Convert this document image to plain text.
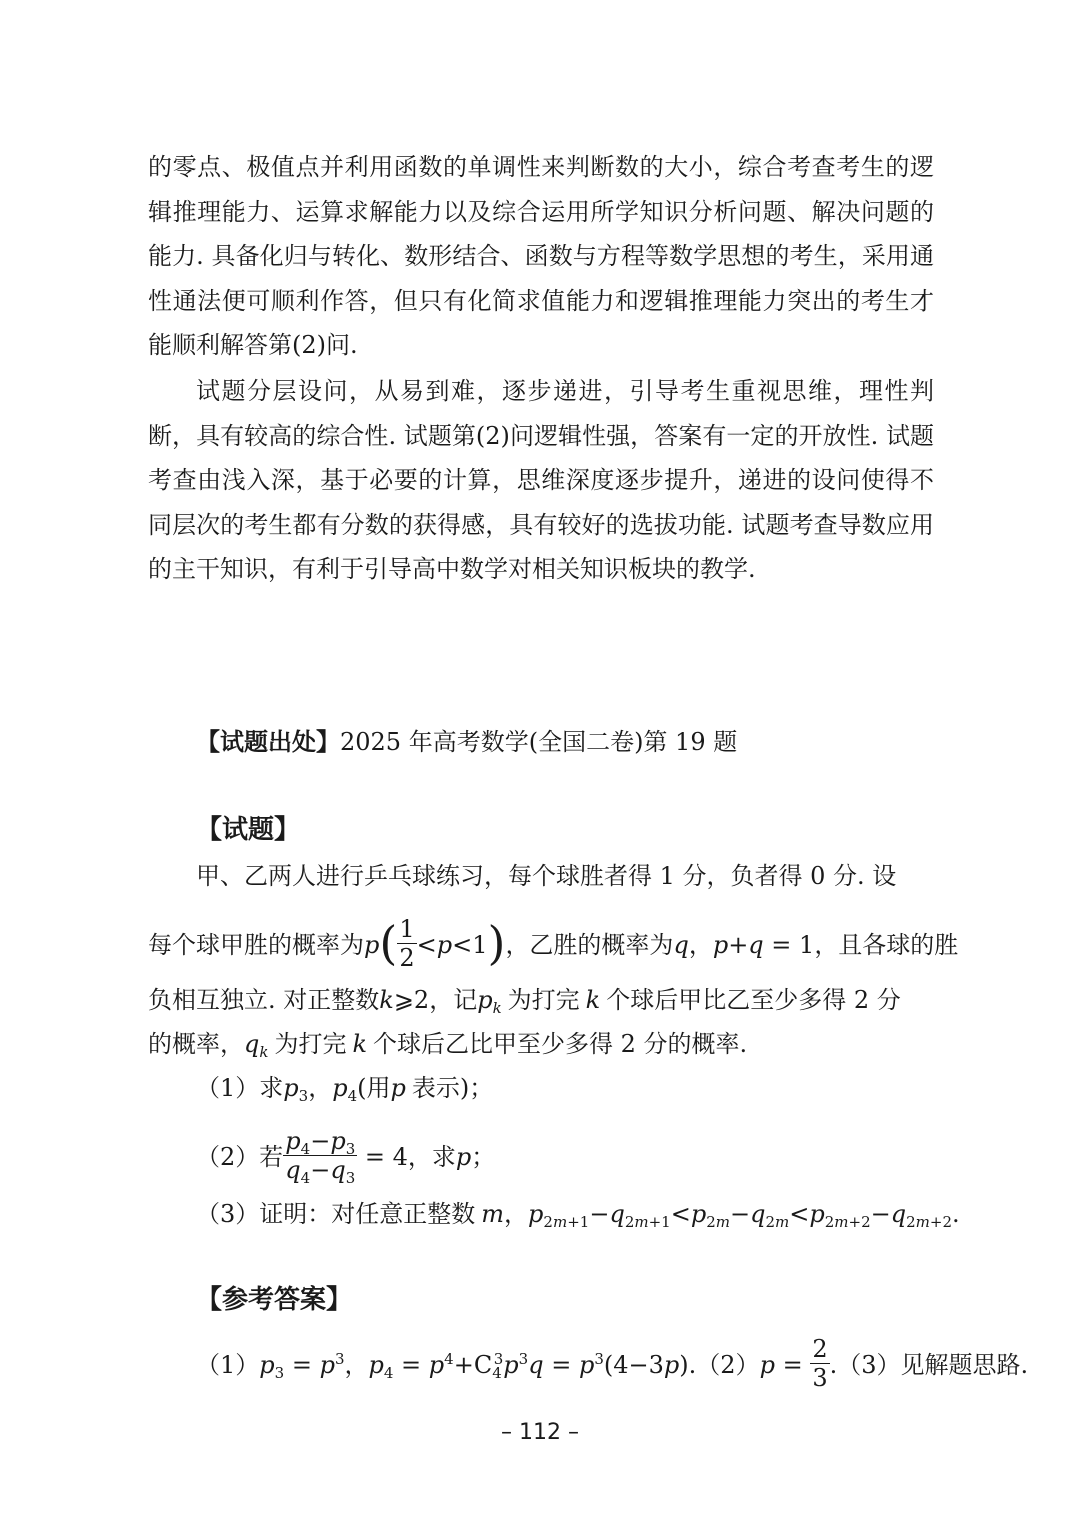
的零点、极值点并利用函数的单调性来判断数的大小，综合考查考生的逻辑推理能力、运算求解能力以及综合运用所学知识分析问题、解决问题的能力. 具备化归与转化、数形结合、函数与方程等数学思想的考生，采用通性通法便可顺利作答，但只有化简求值能力和逻辑推理能力突出的考生才能顺利解答第(2)问.

试题分层设问，从易到难，逐步递进，引导考生重视思维，理性判断，具有较高的综合性. 试题第(2)问逻辑性强，答案有一定的开放性. 试题考查由浅入深，基于必要的计算，思维深度逐步提升，递进的设问使得不同层次的考生都有分数的获得感，具有较好的选拔功能. 试题考查导数应用的主干知识，有利于引导高中数学对相关知识板块的教学.

【试题出处】2025 年高考数学(全国二卷)第 19 题
【试题】
甲、乙两人进行乒乓球练习，每个球胜者得 1 分，负者得 0 分. 设
每个球甲胜的概率为$p( \frac{1}{2} <p<1)$，乙胜的概率为q，p+q = 1，且各球的胜
负相互独立. 对正整数k⩾2，记$p_k$ 为打完 k 个球后甲比乙至少多得 2 分
的概率，$q_k$ 为打完 k 个球后乙比甲至少多得 2 分的概率.
（1）求$p_3$，$p_4$(用p 表示)；
（2）若 $\frac{p_4-p_3}{q_4-q_3} = 4$，求p；
（3）证明：对任意正整数 m，$p_{2m+1}-q_{2m+1}<p_{2m}-q_{2m}<p_{2m+2}-q_{2m+2}$.
【参考答案】
$(1)p_3 = p^3$，$p_4 = p^4+C_4^3p^3q = p^3(4-3p).(2)p = \frac{2}{3} .(3)$见解题思路.
– 112 –
